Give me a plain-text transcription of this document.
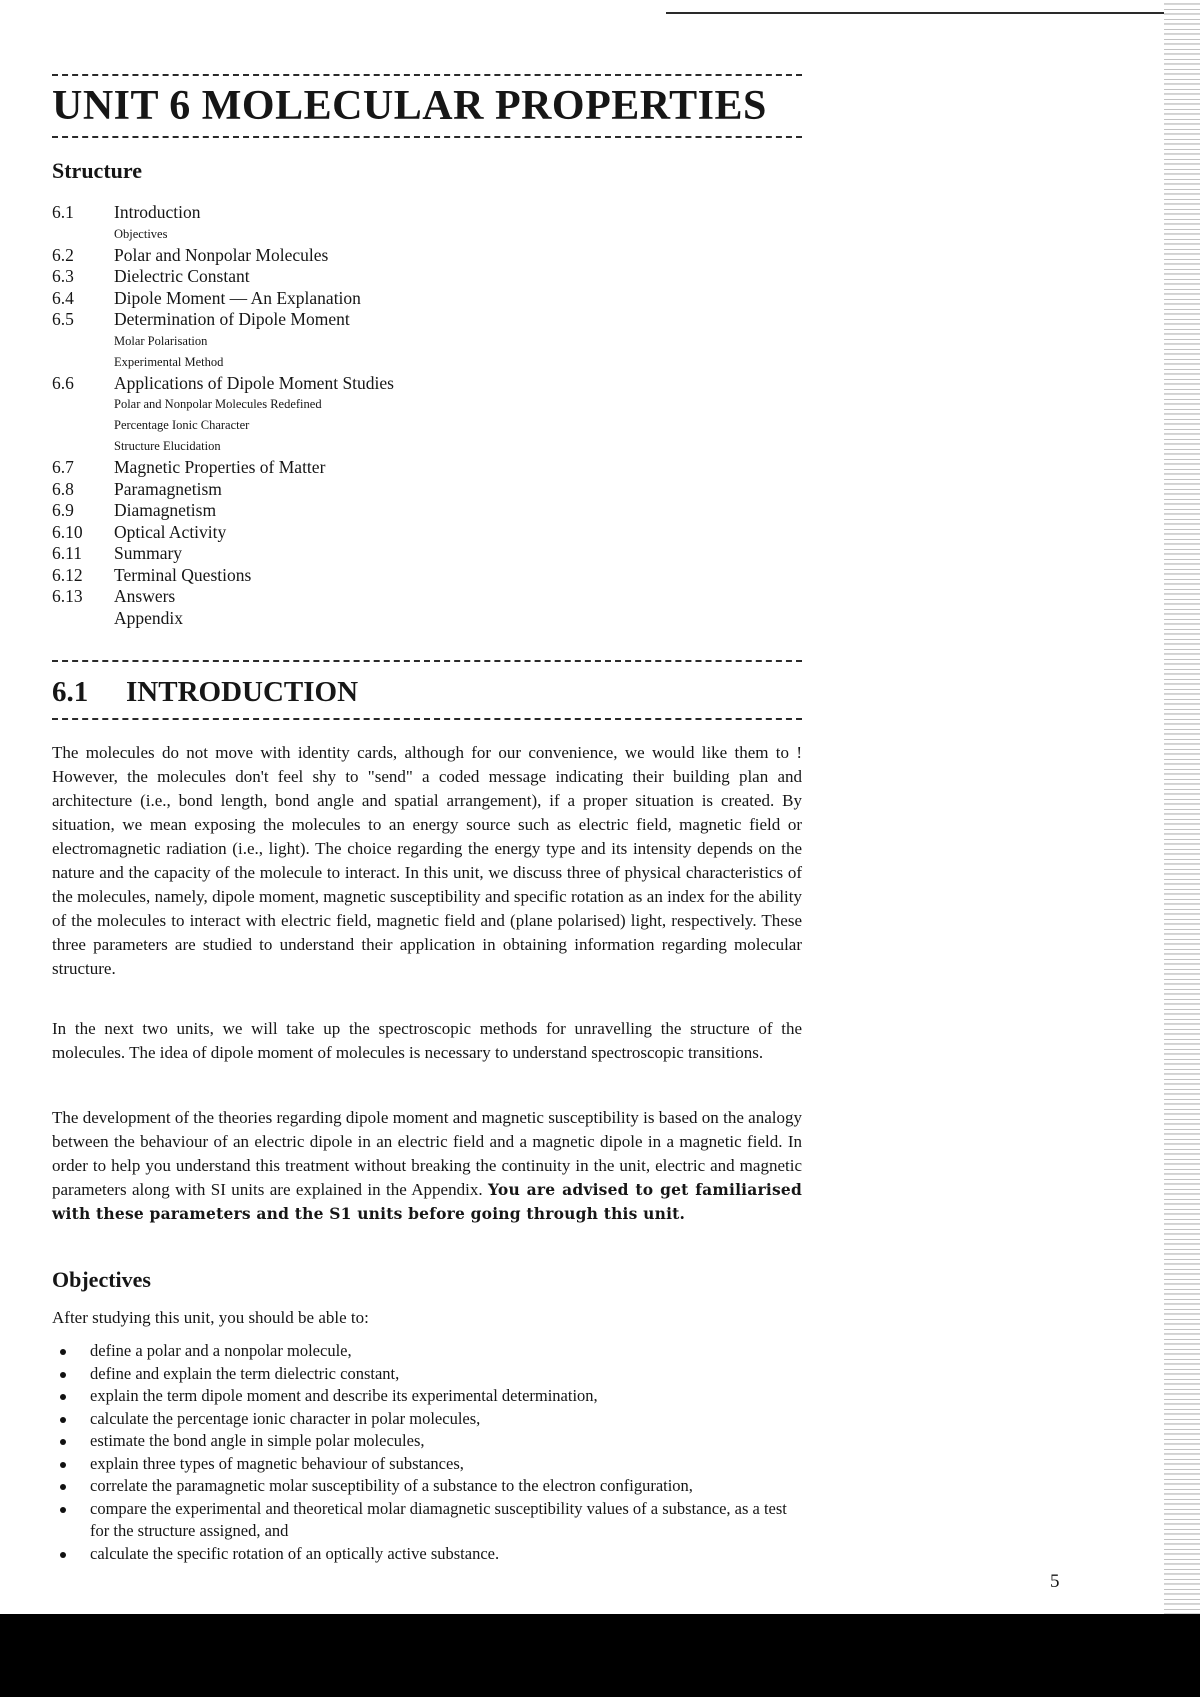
UNIT 6 MOLECULAR PROPERTIES
Structure
6.1 Introduction
Objectives
6.2 Polar and Nonpolar Molecules
6.3 Dielectric Constant
6.4 Dipole Moment — An Explanation
6.5 Determination of Dipole Moment
Molar Polarisation
Experimental Method
6.6 Applications of Dipole Moment Studies
Polar and Nonpolar Molecules Redefined
Percentage Ionic Character
Structure Elucidation
6.7 Magnetic Properties of Matter
6.8 Paramagnetism
6.9 Diamagnetism
6.10 Optical Activity
6.11 Summary
6.12 Terminal Questions
6.13 Answers
Appendix
6.1 INTRODUCTION

The molecules do not move with identity cards, although for our convenience, we would like them to ! However, the molecules don't feel shy to "send" a coded message indicating their building plan and architecture (i.e., bond length, bond angle and spatial arrangement), if a proper situation is created. By situation, we mean exposing the molecules to an energy source such as electric field, magnetic field or electromagnetic radiation (i.e., light). The choice regarding the energy type and its intensity depends on the nature and the capacity of the molecule to interact. In this unit, we discuss three of physical characteristics of the molecules, namely, dipole moment, magnetic susceptibility and specific rotation as an index for the ability of the molecules to interact with electric field, magnetic field and (plane polarised) light, respectively. These three parameters are studied to understand their application in obtaining information regarding molecular structure.

In the next two units, we will take up the spectroscopic methods for unravelling the structure of the molecules. The idea of dipole moment of molecules is necessary to understand spectroscopic transitions.

The development of the theories regarding dipole moment and magnetic susceptibility is based on the analogy between the behaviour of an electric dipole in an electric field and a magnetic dipole in a magnetic field. In order to help you understand this treatment without breaking the continuity in the unit, electric and magnetic parameters along with SI units are explained in the Appendix. You are advised to get familiarised with these parameters and the S1 units before going through this unit.

Objectives

After studying this unit, you should be able to:

define a polar and a nonpolar molecule,
define and explain the term dielectric constant,
explain the term dipole moment and describe its experimental determination,
calculate the percentage ionic character in polar molecules,
estimate the bond angle in simple polar molecules,
explain three types of magnetic behaviour of substances,
correlate the paramagnetic molar susceptibility of a substance to the electron configuration,
compare the experimental and theoretical molar diamagnetic susceptibility values of a substance, as a test for the structure assigned, and
calculate the specific rotation of an optically active substance.
5
